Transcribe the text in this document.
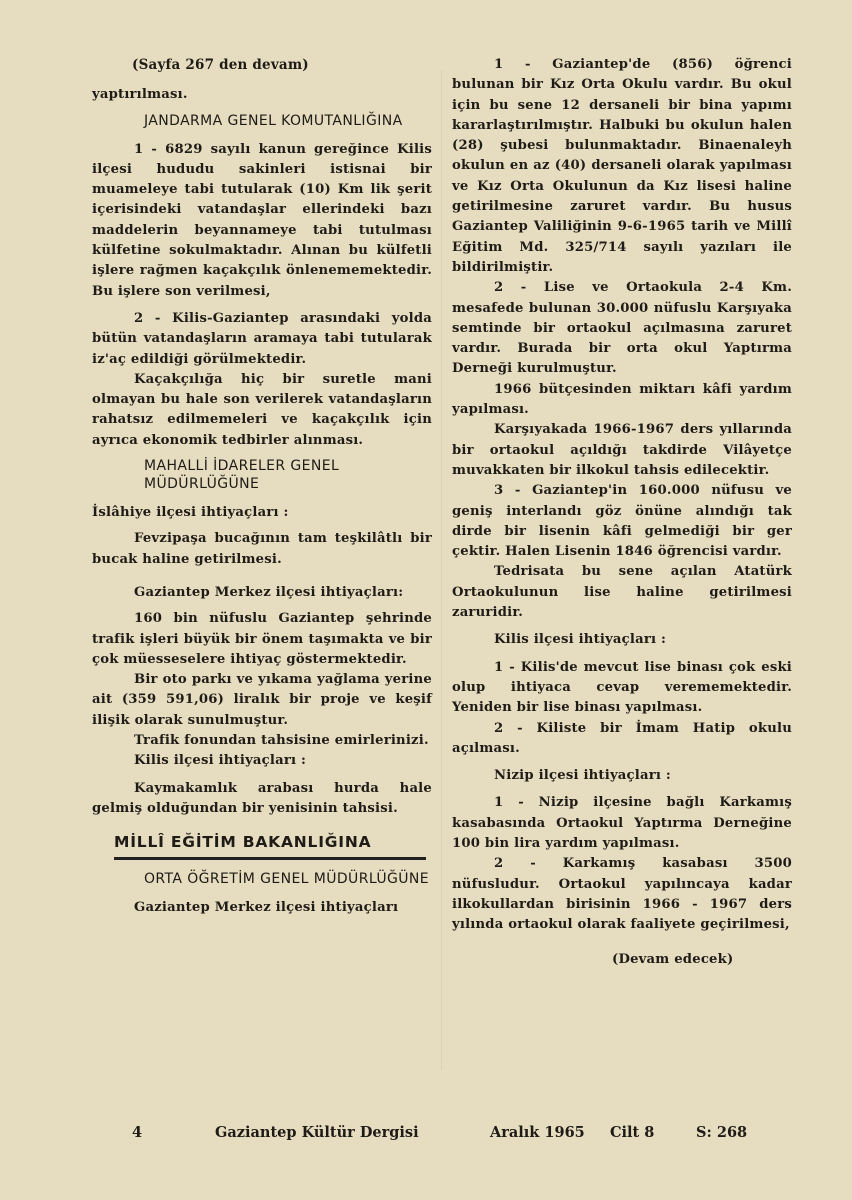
(Sayfa 267 den devam)

yaptırılması.

JANDARMA GENEL KOMUTANLIĞINA

1 - 6829 sayılı kanun gereğince Kilis ilçesi hududu sakinleri istisnai bir muameleye tabi tutularak (10) Km lik şerit içerisindeki vatandaşlar ellerindeki bazı maddelerin beyannameye tabi tutulması külfetine sokulmaktadır. Alınan bu külfetli işlere rağmen kaçakçılık önlenememektedir. Bu işlere son verilmesi,

2 - Kilis-Gaziantep arasındaki yolda bütün vatandaşların aramaya tabi tutularak iz'aç edildiği görülmektedir.

Kaçakçılığa hiç bir suretle mani olmayan bu hale son verilerek vatandaşların rahatsız edilmemeleri ve kaçakçılık için ayrıca ekonomik tedbirler alınması.

MAHALLİ İDARELER GENEL MÜDÜRLÜĞÜNE

İslâhiye ilçesi ihtiyaçları :

Fevzipaşa bucağının tam teşkilâtlı bir bucak haline getirilmesi.

Gaziantep Merkez ilçesi ihtiyaçları:

160 bin nüfuslu Gaziantep şehrinde trafik işleri büyük bir önem taşımakta ve bir çok müesseselere ihtiyaç göstermektedir.

Bir oto parkı ve yıkama yağlama yerine ait (359 591,06) liralık bir proje ve keşif ilişik olarak sunulmuştur.

Trafik fonundan tahsisine emirlerinizi.

Kilis ilçesi ihtiyaçları :

Kaymakamlık arabası hurda hale gelmiş olduğundan bir yenisinin tahsisi.

MİLLÎ EĞİTİM BAKANLIĞINA
ORTA ÖĞRETİM GENEL MÜDÜRLÜĞÜNE

Gaziantep Merkez ilçesi ihtiyaçları

1 - Gaziantep'de (856) öğrenci bulunan bir Kız Orta Okulu vardır. Bu okul için bu sene 12 dersaneli bir bina yapımı kararlaştırılmıştır. Halbuki bu okulun halen (28) şubesi bulunmaktadır. Binaenaleyh okulun en az (40) dersaneli olarak yapılması ve Kız Orta Okulunun da Kız lisesi haline getirilmesine zaruret vardır. Bu husus Gaziantep Valiliğinin 9-6-1965 tarih ve Millî Eğitim Md. 325/714 sayılı yazıları ile bildirilmiştir.

2 - Lise ve Ortaokula 2-4 Km. mesafede bulunan 30.000 nüfuslu Karşıyaka semtinde bir ortaokul açılmasına zaruret vardır. Burada bir orta okul Yaptırma Derneği kurulmuştur.

1966 bütçesinden miktarı kâfi yardım yapılması.

Karşıyakada 1966-1967 ders yıllarında bir ortaokul açıldığı takdirde Vilâyetçe muvakkaten bir ilkokul tahsis edilecektir.

3 - Gaziantep'in 160.000 nüfusu ve geniş interlandı göz önüne alındığı tak dirde bir lisenin kâfi gelmediği bir ger çektir. Halen Lisenin 1846 öğrencisi vardır.

Tedrisata bu sene açılan Atatürk Ortaokulunun lise haline getirilmesi zaruridir.

Kilis ilçesi ihtiyaçları :

1 - Kilis'de mevcut lise binası çok eski olup ihtiyaca cevap verememektedir. Yeniden bir lise binası yapılması.

2 - Kiliste bir İmam Hatip okulu açılması.

Nizip ilçesi ihtiyaçları :

1 - Nizip ilçesine bağlı Karkamış kasabasında Ortaokul Yaptırma Derneğine 100 bin lira yardım yapılması.

2 - Karkamış kasabası 3500 nüfusludur. Ortaokul yapılıncaya kadar ilkokullardan birisinin 1966 - 1967 ders yılında ortaokul olarak faaliyete geçirilmesi,

(Devam edecek)

4	Gaziantep Kültür Dergisi	Aralık 1965 Cilt 8	S: 268
